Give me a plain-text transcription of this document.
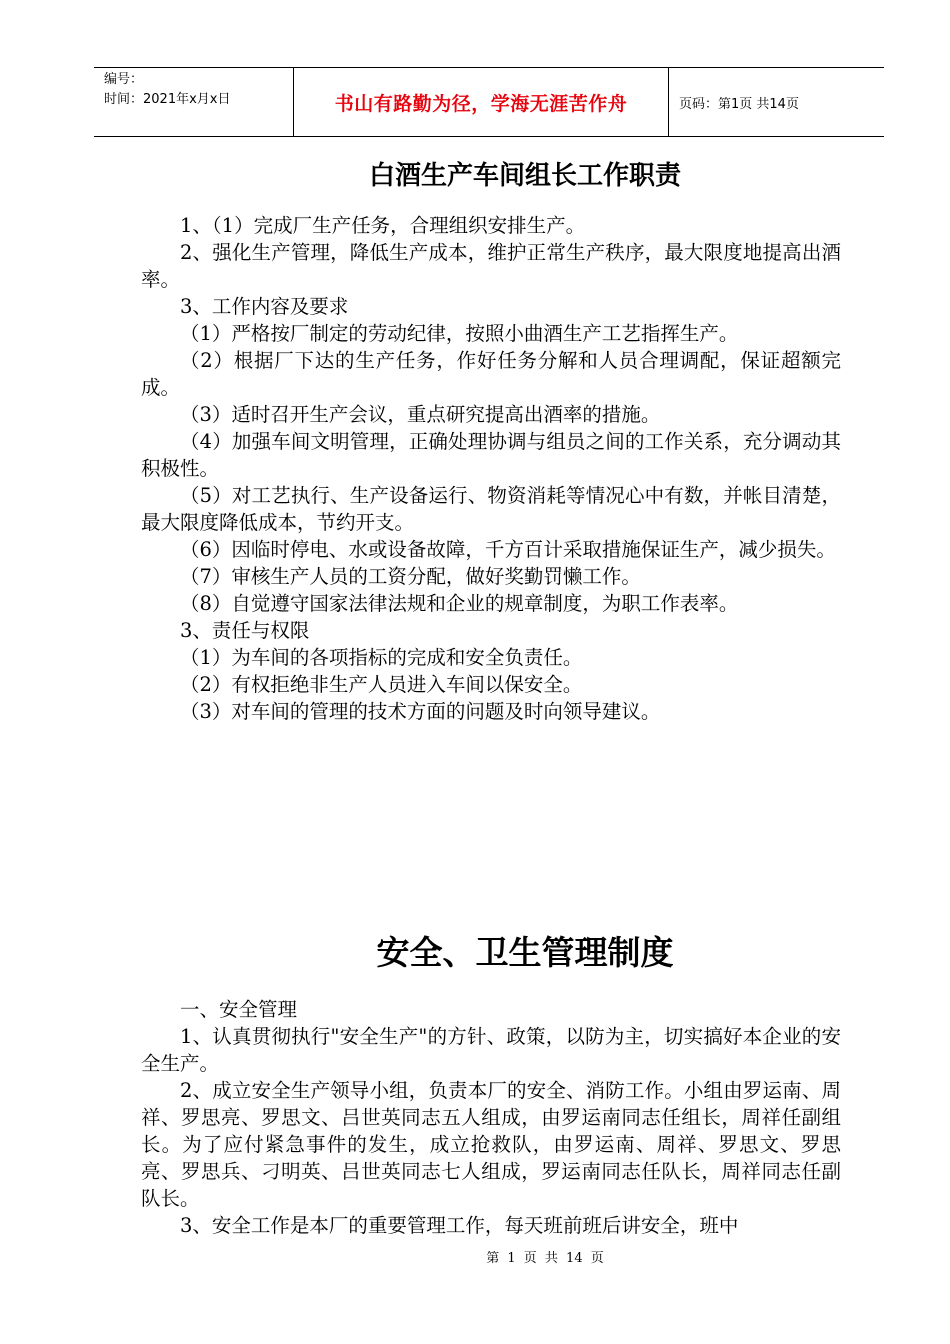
编号：
时间：2021年x月x日	书山有路勤为径，学海无涯苦作舟	页码：第1页 共14页
白酒生产车间组长工作职责

1、（1）完成厂生产任务，合理组织安排生产。

2、强化生产管理，降低生产成本，维护正常生产秩序，最大限度地提高出酒率。

3、工作内容及要求

（1）严格按厂制定的劳动纪律，按照小曲酒生产工艺指挥生产。

（2）根据厂下达的生产任务，作好任务分解和人员合理调配，保证超额完成。

（3）适时召开生产会议，重点研究提高出酒率的措施。

（4）加强车间文明管理，正确处理协调与组员之间的工作关系，充分调动其积极性。

（5）对工艺执行、生产设备运行、物资消耗等情况心中有数，并帐目清楚，最大限度降低成本，节约开支。

（6）因临时停电、水或设备故障，千方百计采取措施保证生产，减少损失。

（7）审核生产人员的工资分配，做好奖勤罚懒工作。

（8）自觉遵守国家法律法规和企业的规章制度，为职工作表率。

3、责任与权限

（1）为车间的各项指标的完成和安全负责任。

（2）有权拒绝非生产人员进入车间以保安全。

（3）对车间的管理的技术方面的问题及时向领导建议。

安全、卫生管理制度

一、安全管理

1、认真贯彻执行"安全生产"的方针、政策，以防为主，切实搞好本企业的安全生产。

2、成立安全生产领导小组，负责本厂的安全、消防工作。小组由罗运南、周祥、罗思亮、罗思文、吕世英同志五人组成，由罗运南同志任组长，周祥任副组长。为了应付紧急事件的发生，成立抢救队，由罗运南、周祥、罗思文、罗思亮、罗思兵、刁明英、吕世英同志七人组成，罗运南同志任队长，周祥同志任副队长。

3、安全工作是本厂的重要管理工作，每天班前班后讲安全，班中

第 1 页 共 14 页
